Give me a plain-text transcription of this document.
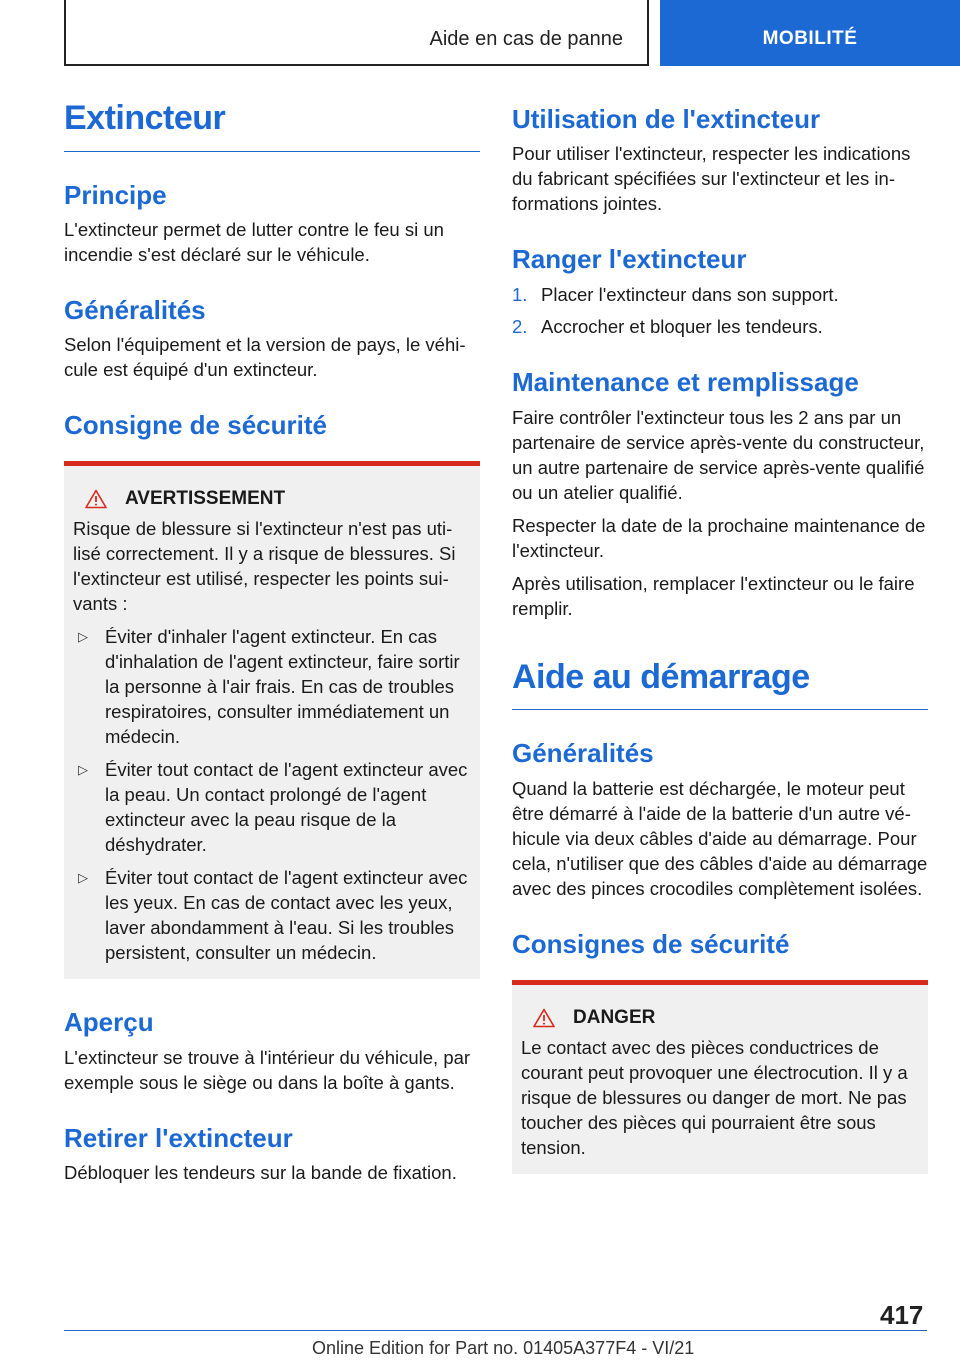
Aide en cas de panne	MOBILITÉ
Extincteur
Principe
L'extincteur permet de lutter contre le feu si un incendie s'est déclaré sur le véhicule.
Généralités
Selon l'équipement et la version de pays, le véhicule est équipé d'un extincteur.
Consigne de sécurité
AVERTISSEMENT
Risque de blessure si l'extincteur n'est pas utilisé correctement. Il y a risque de blessures. Si l'extincteur est utilisé, respecter les points suivants :
▷ Éviter d'inhaler l'agent extincteur. En cas d'inhalation de l'agent extincteur, faire sortir la personne à l'air frais. En cas de troubles respiratoires, consulter immédiatement un médecin.
▷ Éviter tout contact de l'agent extincteur avec la peau. Un contact prolongé de l'agent extincteur avec la peau risque de la déshydrater.
▷ Éviter tout contact de l'agent extincteur avec les yeux. En cas de contact avec les yeux, laver abondamment à l'eau. Si les troubles persistent, consulter un médecin.
Aperçu
L'extincteur se trouve à l'intérieur du véhicule, par exemple sous le siège ou dans la boîte à gants.
Retirer l'extincteur
Débloquer les tendeurs sur la bande de fixation.
Utilisation de l'extincteur
Pour utiliser l'extincteur, respecter les indications du fabricant spécifiées sur l'extincteur et les informations jointes.
Ranger l'extincteur
1. Placer l'extincteur dans son support.
2. Accrocher et bloquer les tendeurs.
Maintenance et remplissage
Faire contrôler l'extincteur tous les 2 ans par un partenaire de service après-vente du constructeur, un autre partenaire de service après-vente qualifié ou un atelier qualifié.
Respecter la date de la prochaine maintenance de l'extincteur.
Après utilisation, remplacer l'extincteur ou le faire remplir.
Aide au démarrage
Généralités
Quand la batterie est déchargée, le moteur peut être démarré à l'aide de la batterie d'un autre véhicule via deux câbles d'aide au démarrage. Pour cela, n'utiliser que des câbles d'aide au démarrage avec des pinces crocodiles complètement isolées.
Consignes de sécurité
DANGER
Le contact avec des pièces conductrices de courant peut provoquer une électrocution. Il y a risque de blessures ou danger de mort. Ne pas toucher des pièces qui pourraient être sous tension.
417
Online Edition for Part no. 01405A377F4 - VI/21
